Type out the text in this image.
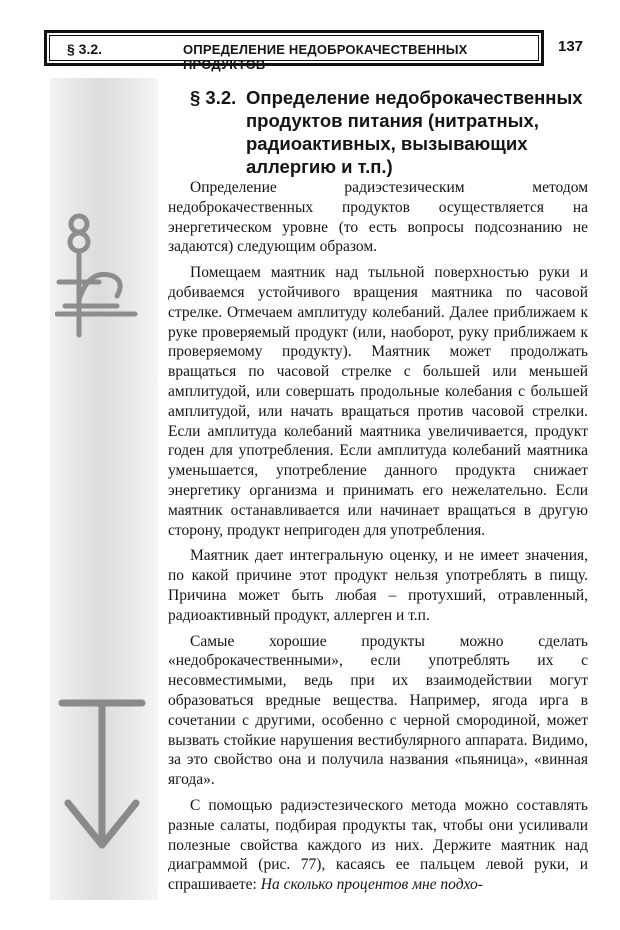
§ 3.2.	ОПРЕДЕЛЕНИЕ НЕДОБРОКАЧЕСТВЕННЫХ ПРОДУКТОВ
137
§ 3.2. Определение недоброкачественных продуктов питания (нитратных, радиоактивных, вызывающих аллергию и т.п.)

Определение радиэстезическим методом недоброкачественных продуктов осуществляется на энергетическом уровне (то есть вопросы подсознанию не задаются) следующим образом.

Помещаем маятник над тыльной поверхностью руки и добиваемся устойчивого вращения маятника по часовой стрелке. Отмечаем амплитуду колебаний. Далее приближаем к руке проверяемый продукт (или, наоборот, руку приближаем к проверяемому продукту). Маятник может продолжать вращаться по часовой стрелке с большей или меньшей амплитудой, или совершать продольные колебания с большей амплитудой, или начать вращаться против часовой стрелки. Если амплитуда колебаний маятника увеличивается, продукт годен для употребления. Если амплитуда колебаний маятника уменьшается, употребление данного продукта снижает энергетику организма и принимать его нежелательно. Если маятник останавливается или начинает вращаться в другую сторону, продукт непригоден для употребления.

Маятник дает интегральную оценку, и не имеет значения, по какой причине этот продукт нельзя употреблять в пищу. Причина может быть любая – протухший, отравленный, радиоактивный продукт, аллерген и т.п.

Самые хорошие продукты можно сделать «недоброкачественными», если употреблять их с несовместимыми, ведь при их взаимодействии могут образоваться вредные вещества. Например, ягода ирга в сочетании с другими, особенно с черной смородиной, может вызвать стойкие нарушения вестибулярного аппарата. Видимо, за это свойство она и получила названия «пьяница», «винная ягода».

С помощью радиэстезического метода можно составлять разные салаты, подбирая продукты так, чтобы они усиливали полезные свойства каждого из них. Держите маятник над диаграммой (рис. 77), касаясь ее пальцем левой руки, и спрашиваете: На сколько процентов мне подхо-
